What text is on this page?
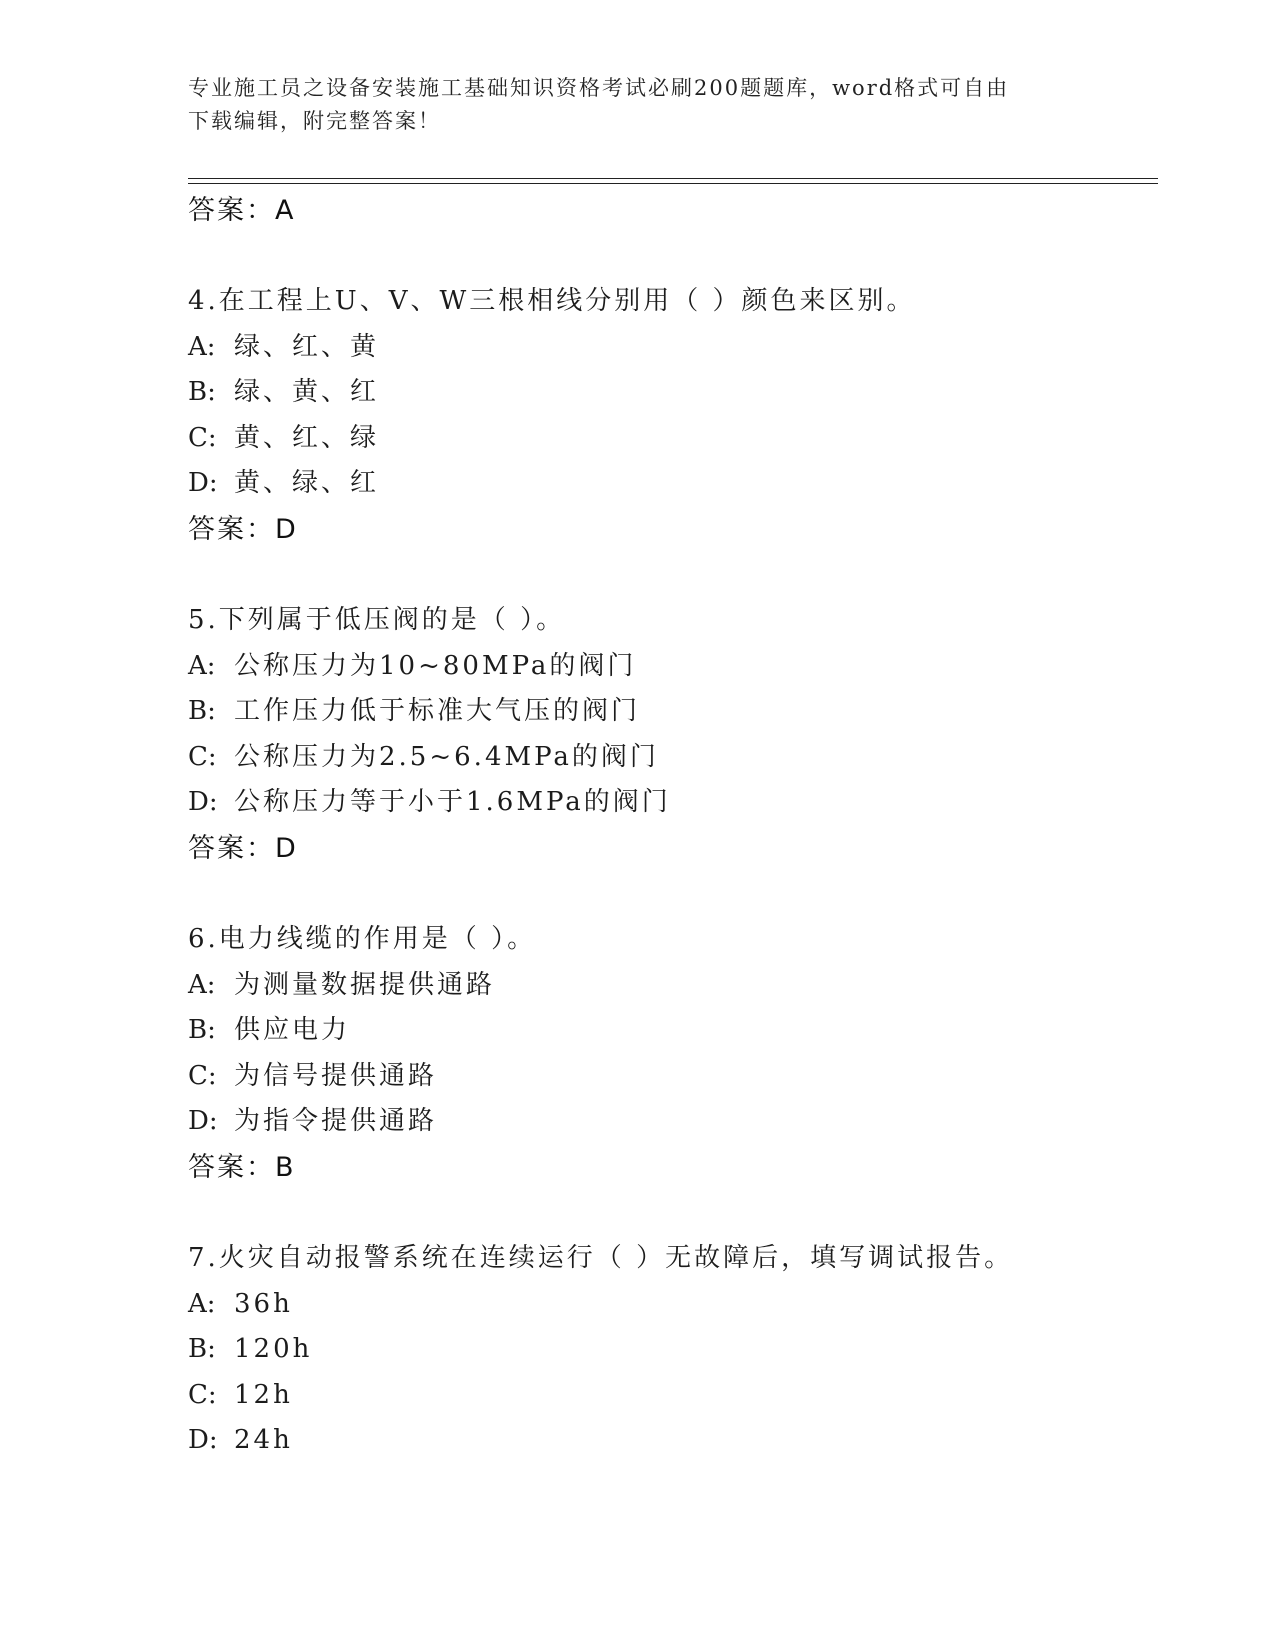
专业施工员之设备安装施工基础知识资格考试必刷200题题库，word格式可自由
下载编辑，附完整答案！
答案：A
4.在工程上U、V、W三根相线分别用（ ）颜色来区别。
A: 绿、红、黄
B: 绿、黄、红
C: 黄、红、绿
D: 黄、绿、红
答案：D
5.下列属于低压阀的是（ ）。
A: 公称压力为10~80MPa的阀门
B: 工作压力低于标准大气压的阀门
C: 公称压力为2.5~6.4MPa的阀门
D: 公称压力等于小于1.6MPa的阀门
答案：D
6.电力线缆的作用是（ ）。
A: 为测量数据提供通路
B: 供应电力
C: 为信号提供通路
D: 为指令提供通路
答案：B
7.火灾自动报警系统在连续运行（ ）无故障后，填写调试报告。
A: 36h
B: 120h
C: 12h
D: 24h
